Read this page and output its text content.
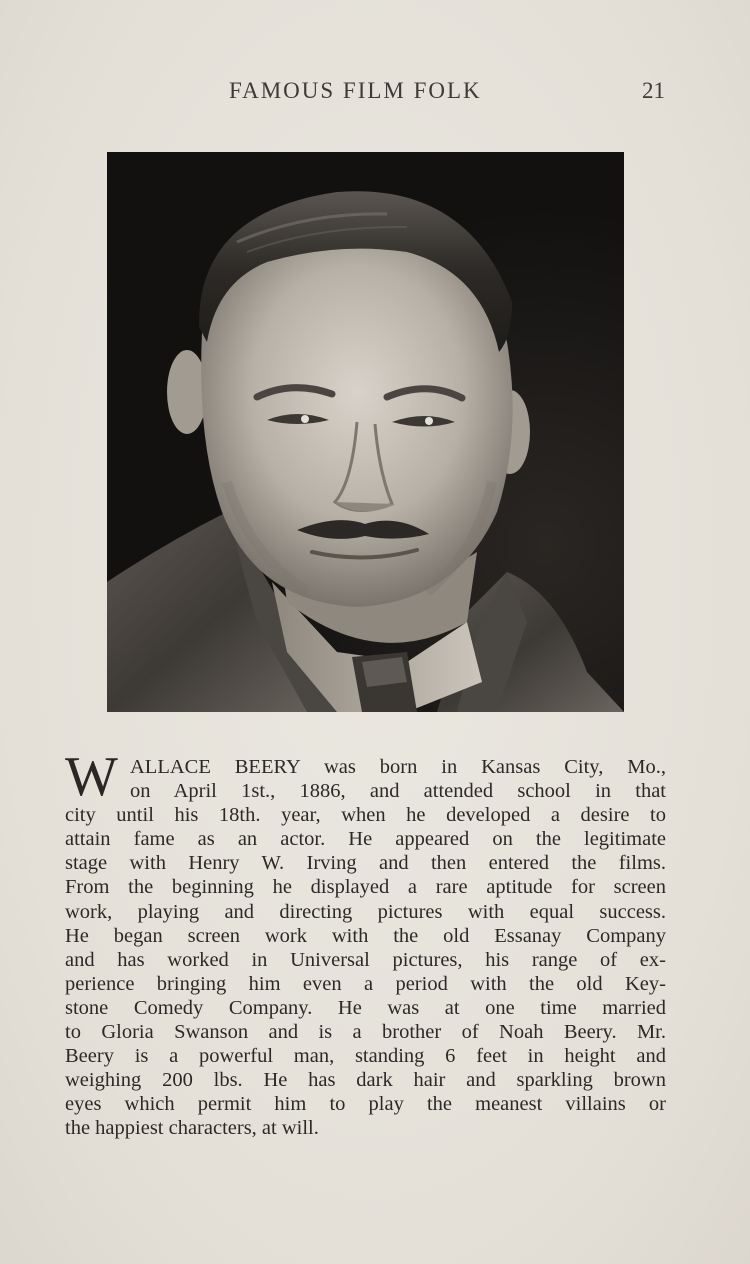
FAMOUS FILM FOLK	21
W ALLACE BEERY was born in Kansas City, Mo.,
on April 1st., 1886, and attended school in that
city until his 18th. year, when he developed a desire to
attain fame as an actor. He appeared on the legitimate
stage with Henry W. Irving and then entered the films.
From the beginning he displayed a rare aptitude for screen
work, playing and directing pictures with equal success.
He began screen work with the old Essanay Company
and has worked in Universal pictures, his range of ex-
perience bringing him even a period with the old Key-
stone Comedy Company. He was at one time married
to Gloria Swanson and is a brother of Noah Beery. Mr.
Beery is a powerful man, standing 6 feet in height and
weighing 200 lbs. He has dark hair and sparkling brown
eyes which permit him to play the meanest villains or
the happiest characters, at will.
